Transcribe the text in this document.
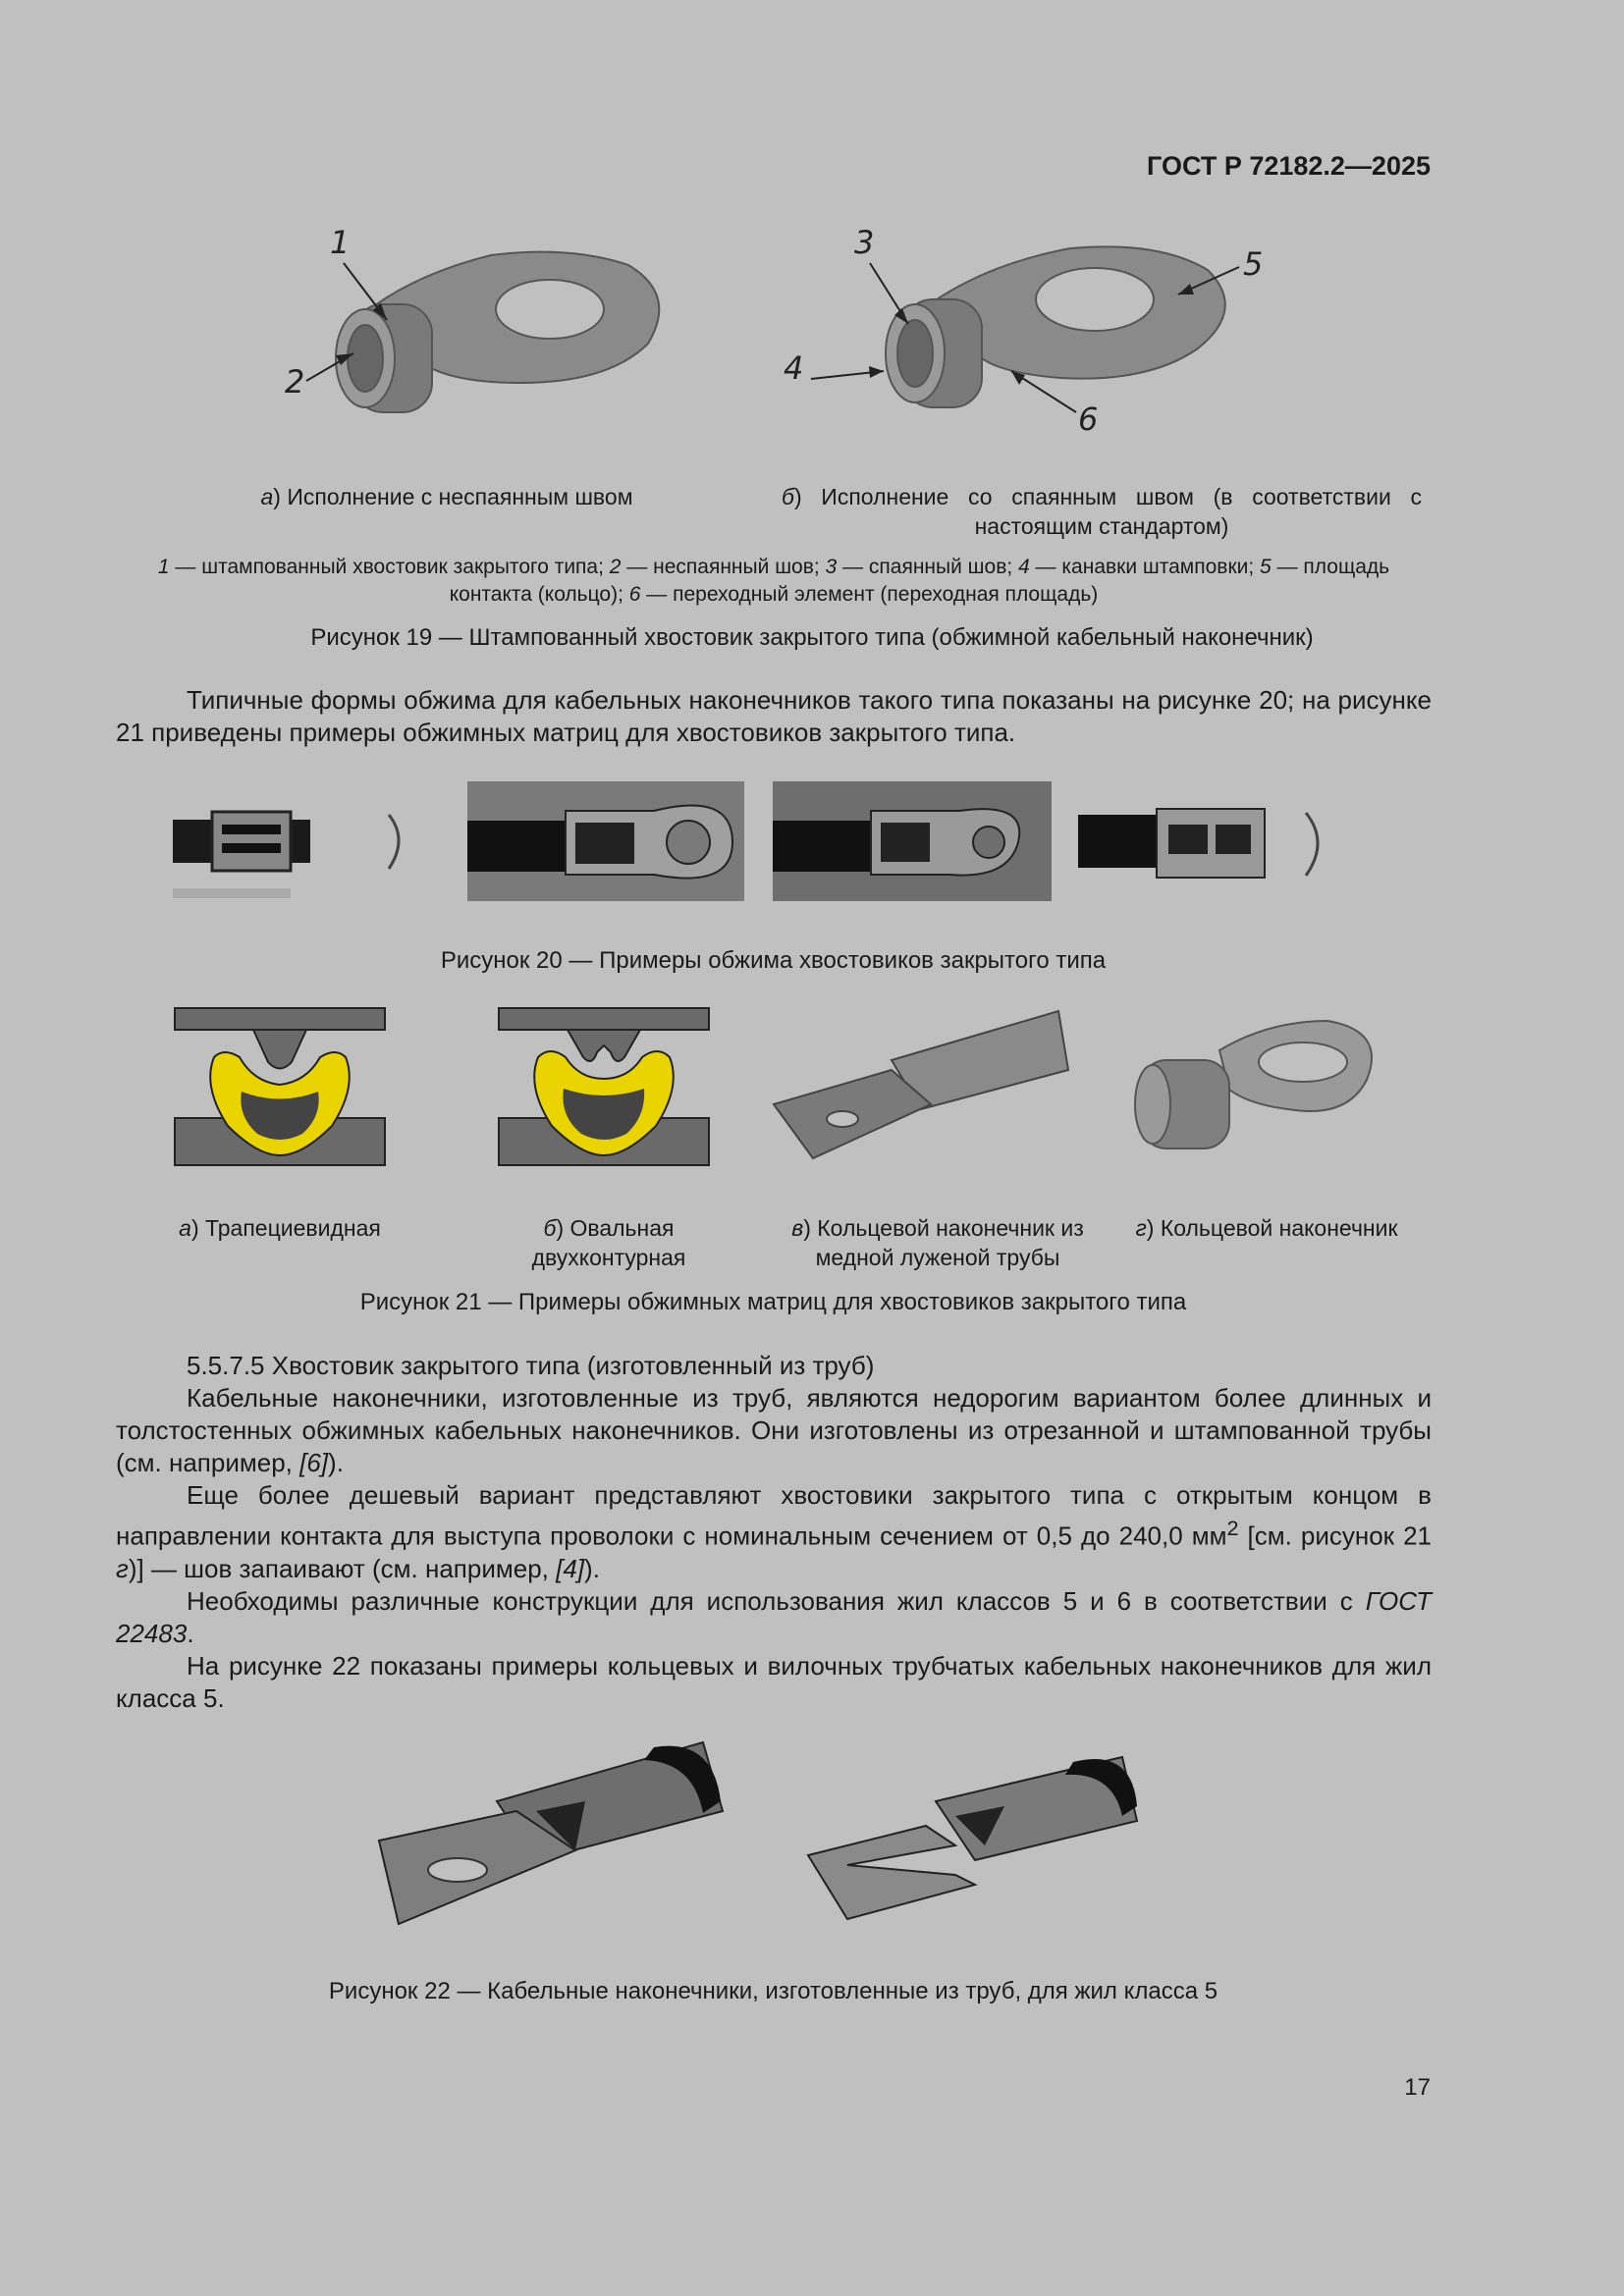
ГОСТ Р 72182.2—2025
1
2
3
4
5
6
а) Исполнение с неспаянным швом	б) Исполнение со спаянным швом (в соответствии с настоящим стандартом)
1 — штампованный хвостовик закрытого типа; 2 — неспаянный шов; 3 — спаянный шов; 4 — канавки штамповки; 5 — площадь контакта (кольцо); 6 — переходный элемент (переходная площадь)
Рисунок 19 — Штампованный хвостовик закрытого типа (обжимной кабельный наконечник)

Типичные формы обжима для кабельных наконечников такого типа показаны на рисунке 20; на рисунке 21 приведены примеры обжимных матриц для хвостовиков закрытого типа.

Рисунок 20 — Примеры обжима хвостовиков закрытого типа
а) Трапециевидная	б) Овальная двухконтурная
в) Кольцевой наконечник из медной луженой трубы
г) Кольцевой наконечник
Рисунок 21 — Примеры обжимных матриц для хвостовиков закрытого типа

5.5.7.5 Хвостовик закрытого типа (изготовленный из труб)

Кабельные наконечники, изготовленные из труб, являются недорогим вариантом более длинных и толстостенных обжимных кабельных наконечников. Они изготовлены из отрезанной и штампованной трубы (см. например, [6]).

Еще более дешевый вариант представляют хвостовики закрытого типа с открытым концом в направлении контакта для выступа проволоки с номинальным сечением от 0,5 до 240,0 $мм^2$ [см. рисунок 21 г)] — шов запаивают (см. например, [4]).

Необходимы различные конструкции для использования жил классов 5 и 6 в соответствии с ГОСТ 22483.

На рисунке 22 показаны примеры кольцевых и вилочных трубчатых кабельных наконечников для жил класса 5.

Рисунок 22 — Кабельные наконечники, изготовленные из труб, для жил класса 5
17
